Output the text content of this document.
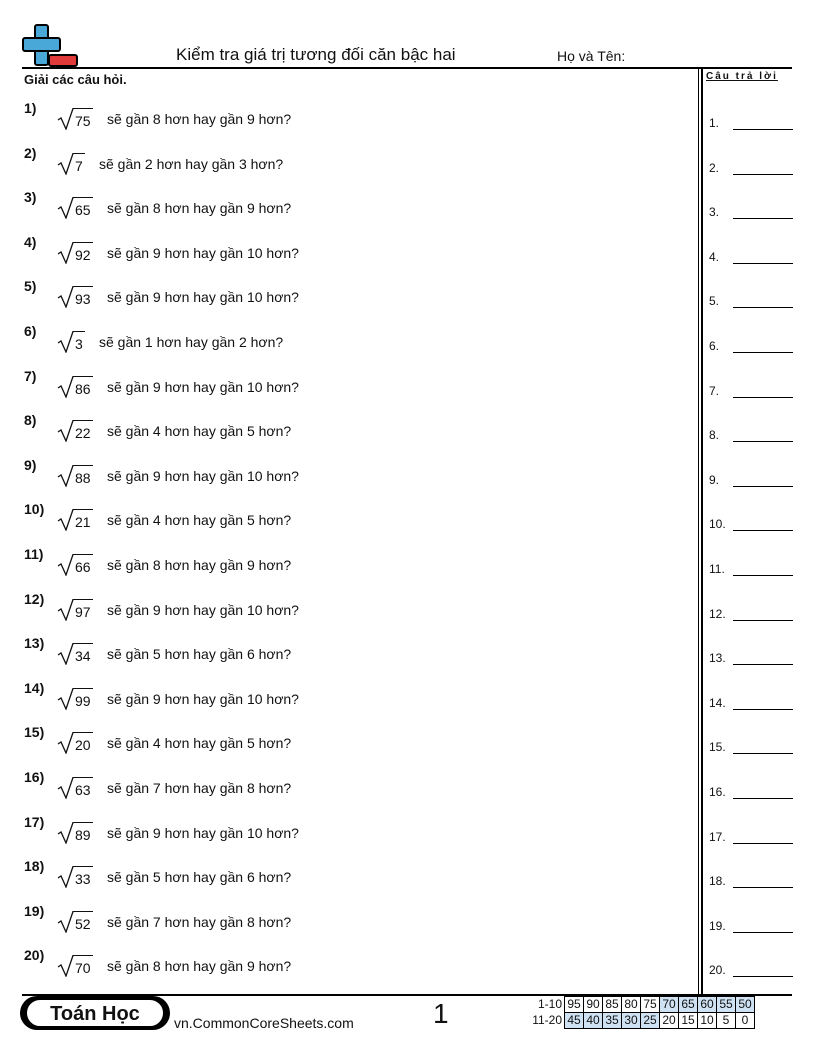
Kiểm tra giá trị tương đối căn bậc hai	Họ và Tên:
Giải các câu hỏi.	Câu trả lời
1)
75 sẽ gần 8 hơn hay gần 9 hơn?
2)
7 sẽ gần 2 hơn hay gần 3 hơn?
3)
65 sẽ gần 8 hơn hay gần 9 hơn?
4)
92 sẽ gần 9 hơn hay gần 10 hơn?
5)
93 sẽ gần 9 hơn hay gần 10 hơn?
6)
3 sẽ gần 1 hơn hay gần 2 hơn?
7)
86 sẽ gần 9 hơn hay gần 10 hơn?
8)
22 sẽ gần 4 hơn hay gần 5 hơn?
9)
88 sẽ gần 9 hơn hay gần 10 hơn?
10)
21 sẽ gần 4 hơn hay gần 5 hơn?
11)
66 sẽ gần 8 hơn hay gần 9 hơn?
12)
97 sẽ gần 9 hơn hay gần 10 hơn?
13)
34 sẽ gần 5 hơn hay gần 6 hơn?
14)
99 sẽ gần 9 hơn hay gần 10 hơn?
15)
20 sẽ gần 4 hơn hay gần 5 hơn?
16)
63 sẽ gần 7 hơn hay gần 8 hơn?
17)
89 sẽ gần 9 hơn hay gần 10 hơn?
18)
33 sẽ gần 5 hơn hay gần 6 hơn?
19)
52 sẽ gần 7 hơn hay gần 8 hơn?
20)
70 sẽ gần 8 hơn hay gần 9 hơn?
1.
2.
3.
4.
5.
6.
7.
8.
9.
10.
11.
12.
13.
14.
15.
16.
17.
18.
19.
20.
Toán Học	vn.CommonCoreSheets.com	1	1-10	95	90	85	80	75	70	65	60	55	50
11-20	45	40	35	30	25	20	15	10	5	0
